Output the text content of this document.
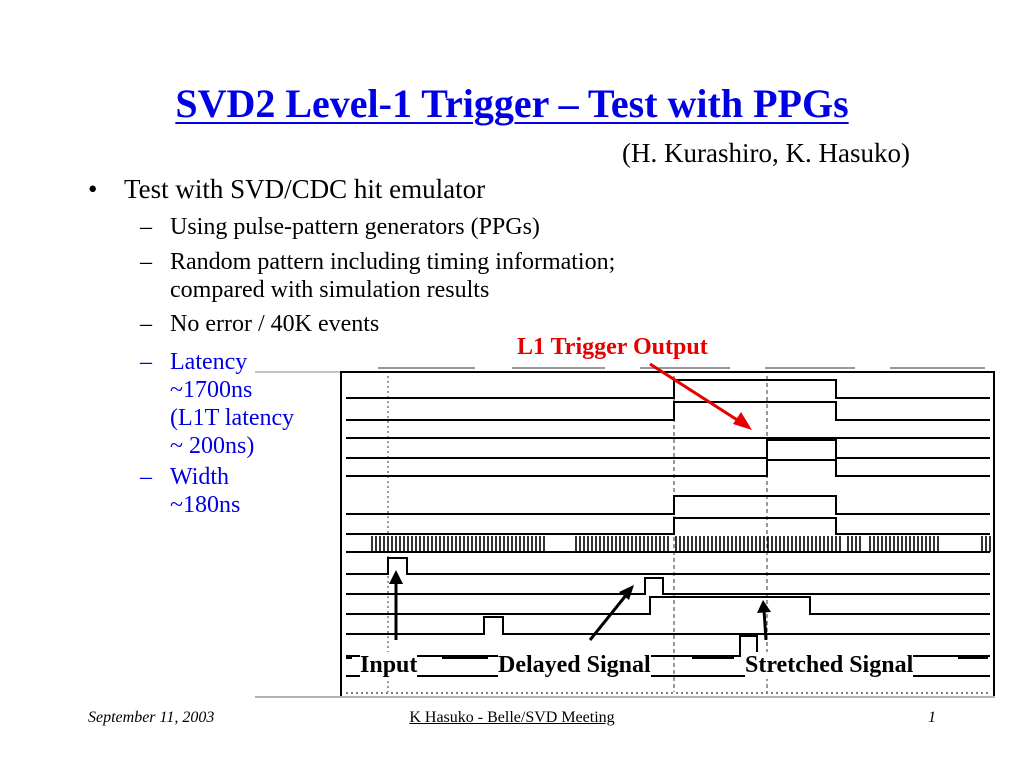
SVD2 Level-1 Trigger – Test with PPGs
(H. Kurashiro, K. Hasuko)
• Test with SVD/CDC hit emulator
– Using pulse-pattern generators (PPGs)
– Random pattern including timing information;
compared with simulation results
– No error / 40K events
– Latency
~1700ns
(L1T latency
~ 200ns)
– Width
~180ns
L1 Trigger Output
Input	Delayed Signal	Stretched Signal
September 11, 2003	K Hasuko - Belle/SVD Meeting	1
